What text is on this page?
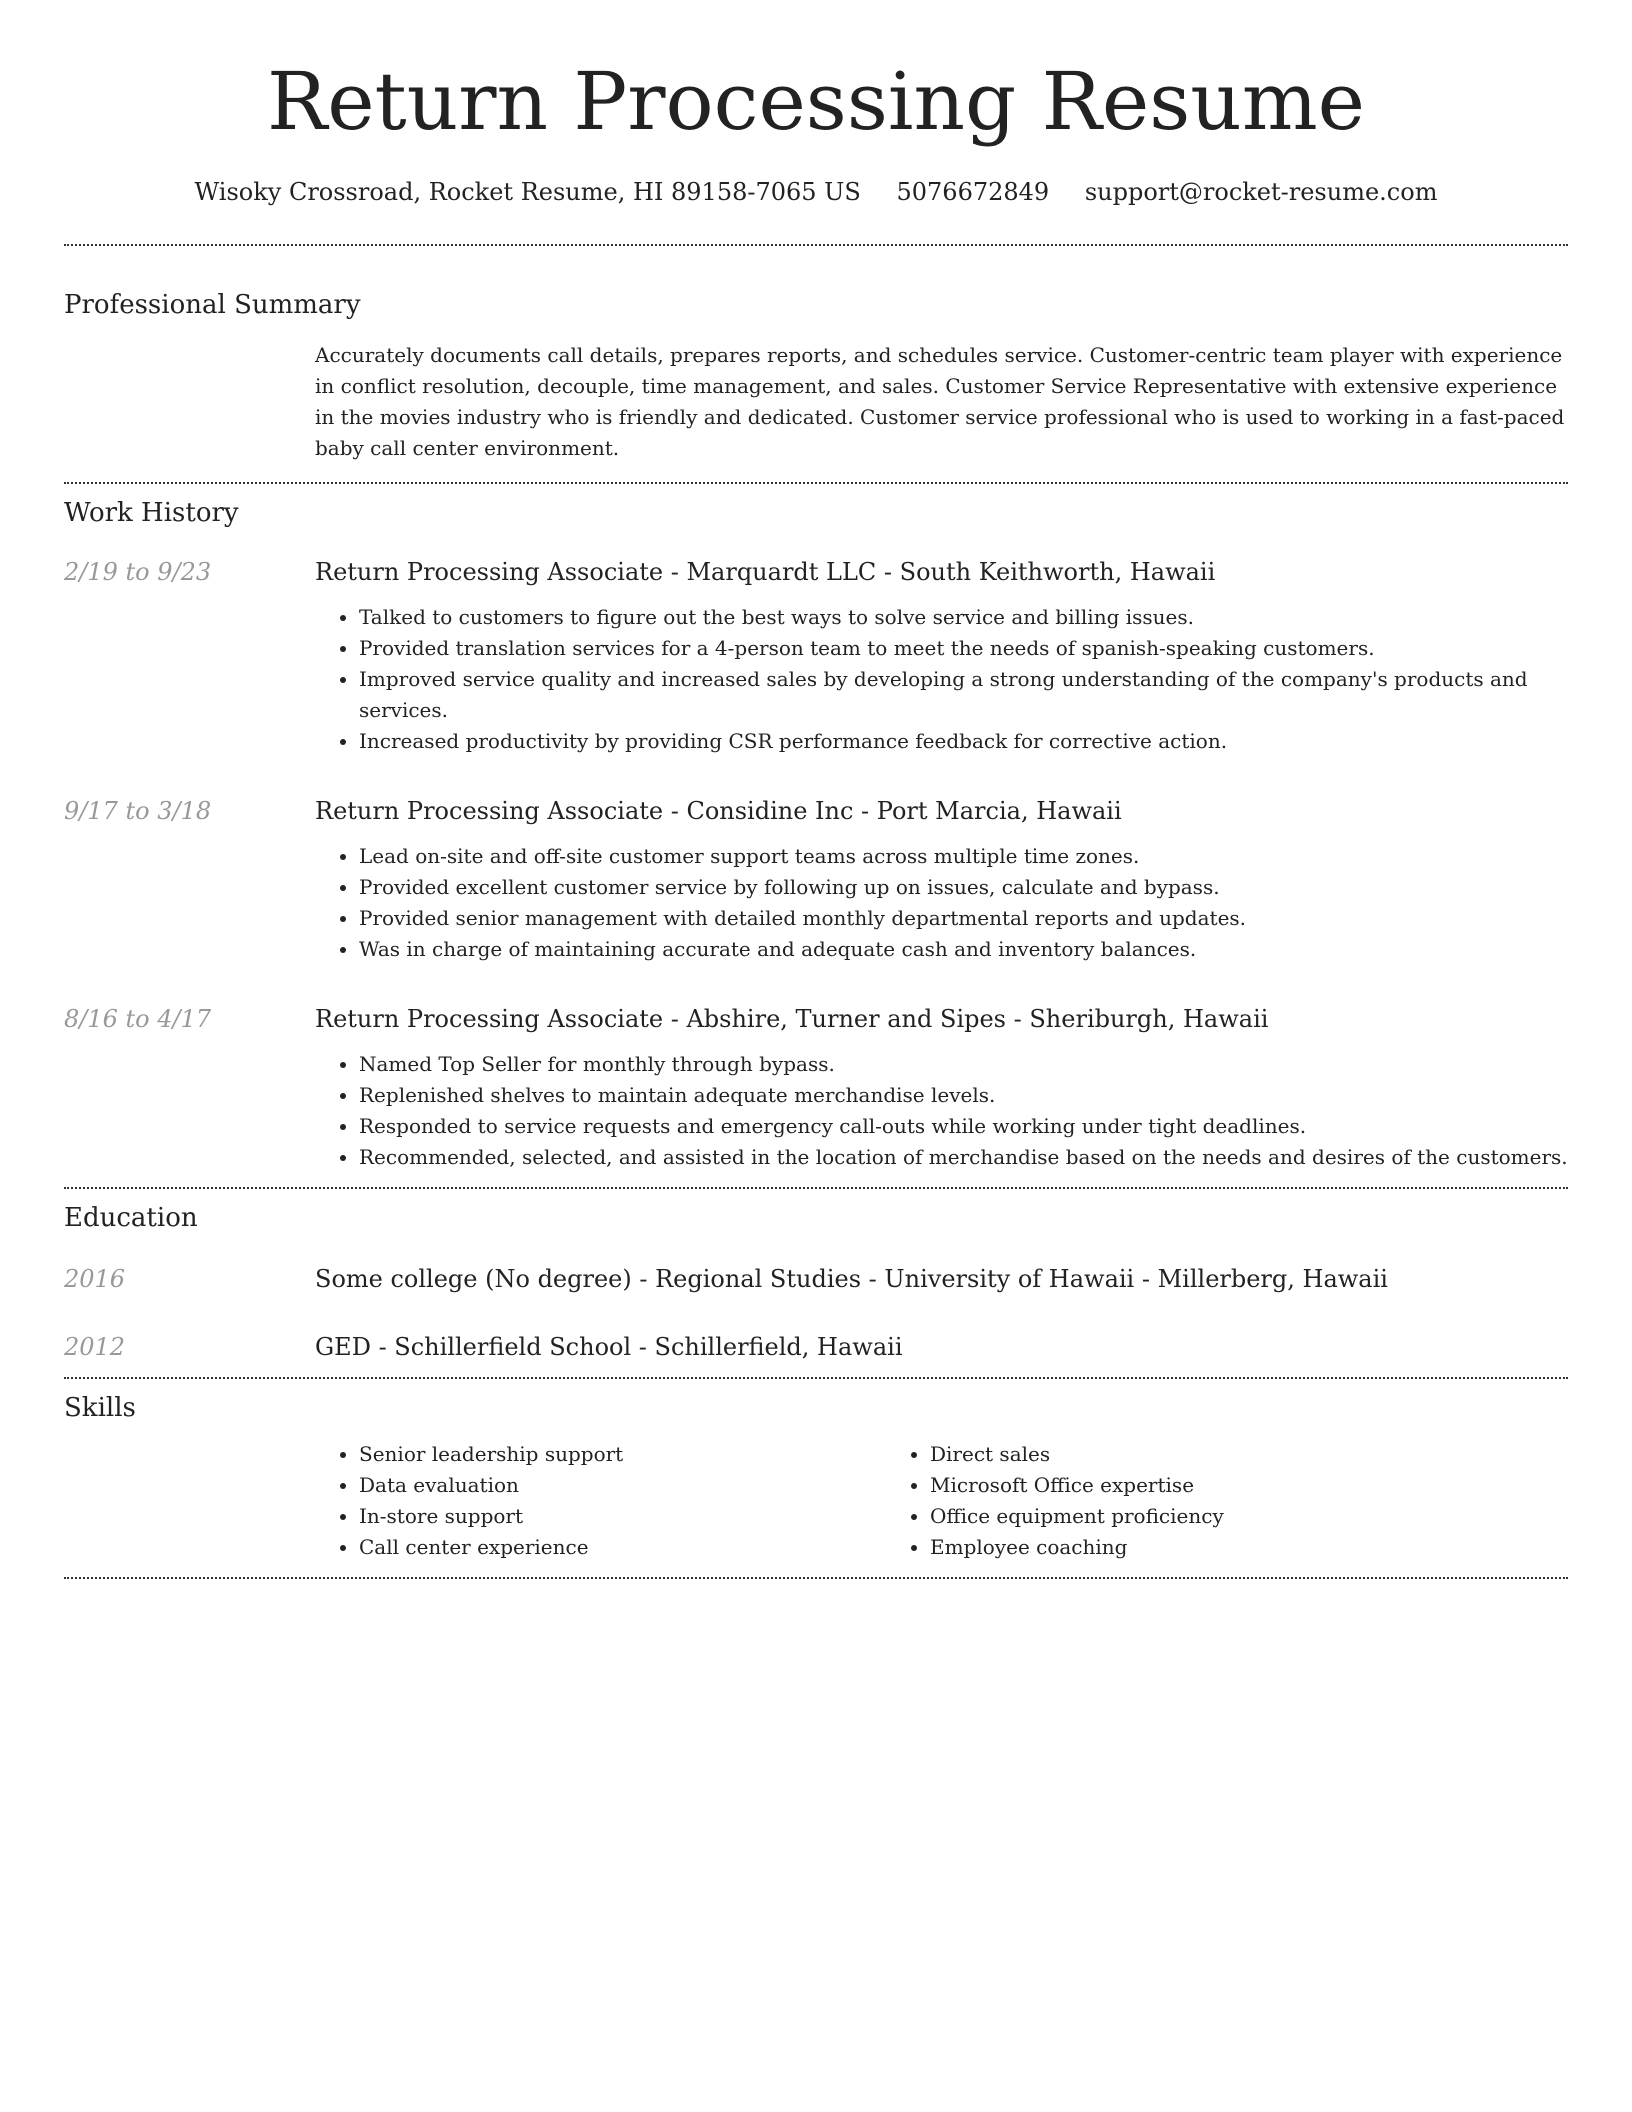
Return Processing Resume
Wisoky Crossroad, Rocket Resume, HI 89158-7065 US 5076672849 support@rocket-resume.com
Professional Summary
Accurately documents call details, prepares reports, and schedules service. Customer-centric team player with experience in conflict resolution, decouple, time management, and sales. Customer Service Representative with extensive experience in the movies industry who is friendly and dedicated. Customer service professional who is used to working in a fast-paced baby call center environment.
Work History
2/19 to 9/23	Return Processing Associate - Marquardt LLC - South Keithworth, Hawaii
• Talked to customers to figure out the best ways to solve service and billing issues.
• Provided translation services for a 4-person team to meet the needs of spanish-speaking customers.
• Improved service quality and increased sales by developing a strong understanding of the company's products and services.
• Increased productivity by providing CSR performance feedback for corrective action.
9/17 to 3/18	Return Processing Associate - Considine Inc - Port Marcia, Hawaii
• Lead on-site and off-site customer support teams across multiple time zones.
• Provided excellent customer service by following up on issues, calculate and bypass.
• Provided senior management with detailed monthly departmental reports and updates.
• Was in charge of maintaining accurate and adequate cash and inventory balances.
8/16 to 4/17	Return Processing Associate - Abshire, Turner and Sipes - Sheriburgh, Hawaii
• Named Top Seller for monthly through bypass.
• Replenished shelves to maintain adequate merchandise levels.
• Responded to service requests and emergency call-outs while working under tight deadlines.
• Recommended, selected, and assisted in the location of merchandise based on the needs and desires of the customers.
Education
2016	Some college (No degree) - Regional Studies - University of Hawaii - Millerberg, Hawaii
2012	GED - Schillerfield School - Schillerfield, Hawaii
Skills
• Senior leadership support
• Data evaluation
• In-store support
• Call center experience
• Direct sales
• Microsoft Office expertise
• Office equipment proficiency
• Employee coaching
